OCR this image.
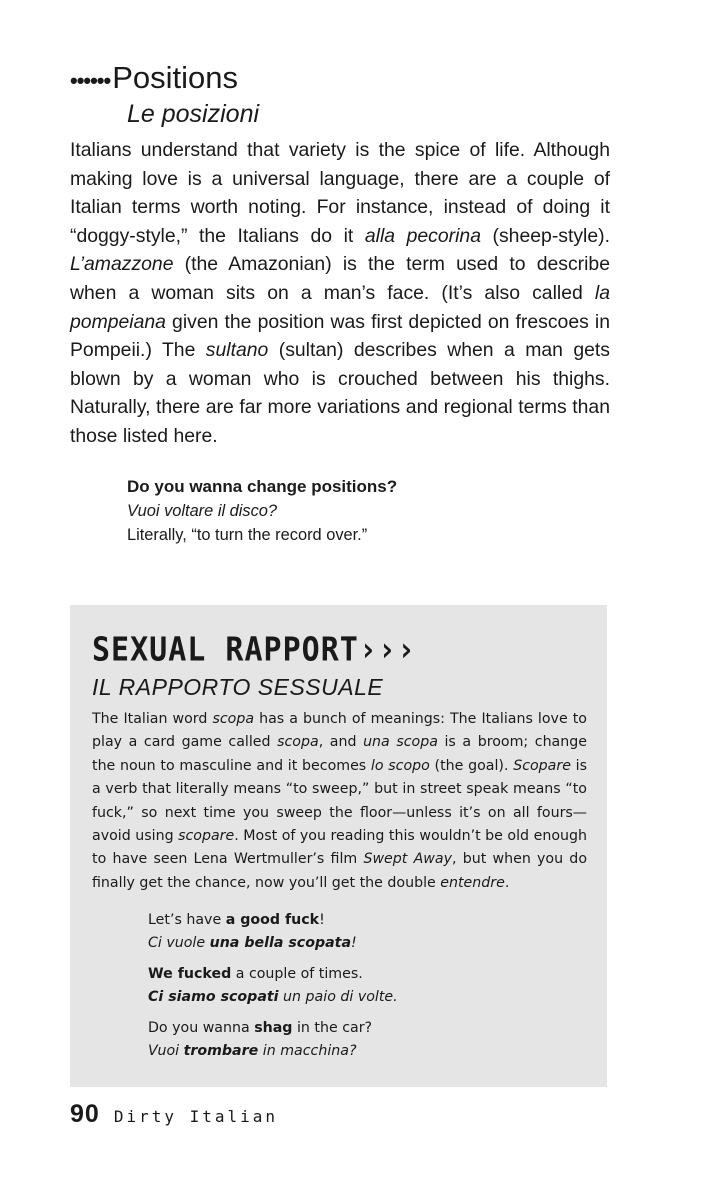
•••••• Positions
Le posizioni

Italians understand that variety is the spice of life. Although making love is a universal language, there are a couple of Italian terms worth noting. For instance, instead of doing it “doggy-style,” the Italians do it alla pecorina (sheep-style). L’amazzone (the Amazonian) is the term used to describe when a woman sits on a man’s face. (It’s also called la pompeiana given the position was first depicted on frescoes in Pompeii.) The sultano (sultan) describes when a man gets blown by a woman who is crouched between his thighs. Naturally, there are far more variations and regional terms than those listed here.

Do you wanna change positions?
Vuoi voltare il disco?
Literally, “to turn the record over.”
SEXUAL RAPPORT›››
IL RAPPORTO SESSUALE
The Italian word scopa has a bunch of meanings: The Italians love to play a card game called scopa, and una scopa is a broom; change the noun to masculine and it becomes lo scopo (the goal). Scopare is a verb that literally means “to sweep,” but in street speak means “to fuck,” so next time you sweep the floor—unless it’s on all fours—avoid using scopare. Most of you reading this wouldn’t be old enough to have seen Lena Wertmuller’s film Swept Away, but when you do finally get the chance, now you’ll get the double entendre.
Let’s have a good fuck!
Ci vuole una bella scopata!
We fucked a couple of times.
Ci siamo scopati un paio di volte.
Do you wanna shag in the car?
Vuoi trombare in macchina?
90 Dirty Italian
